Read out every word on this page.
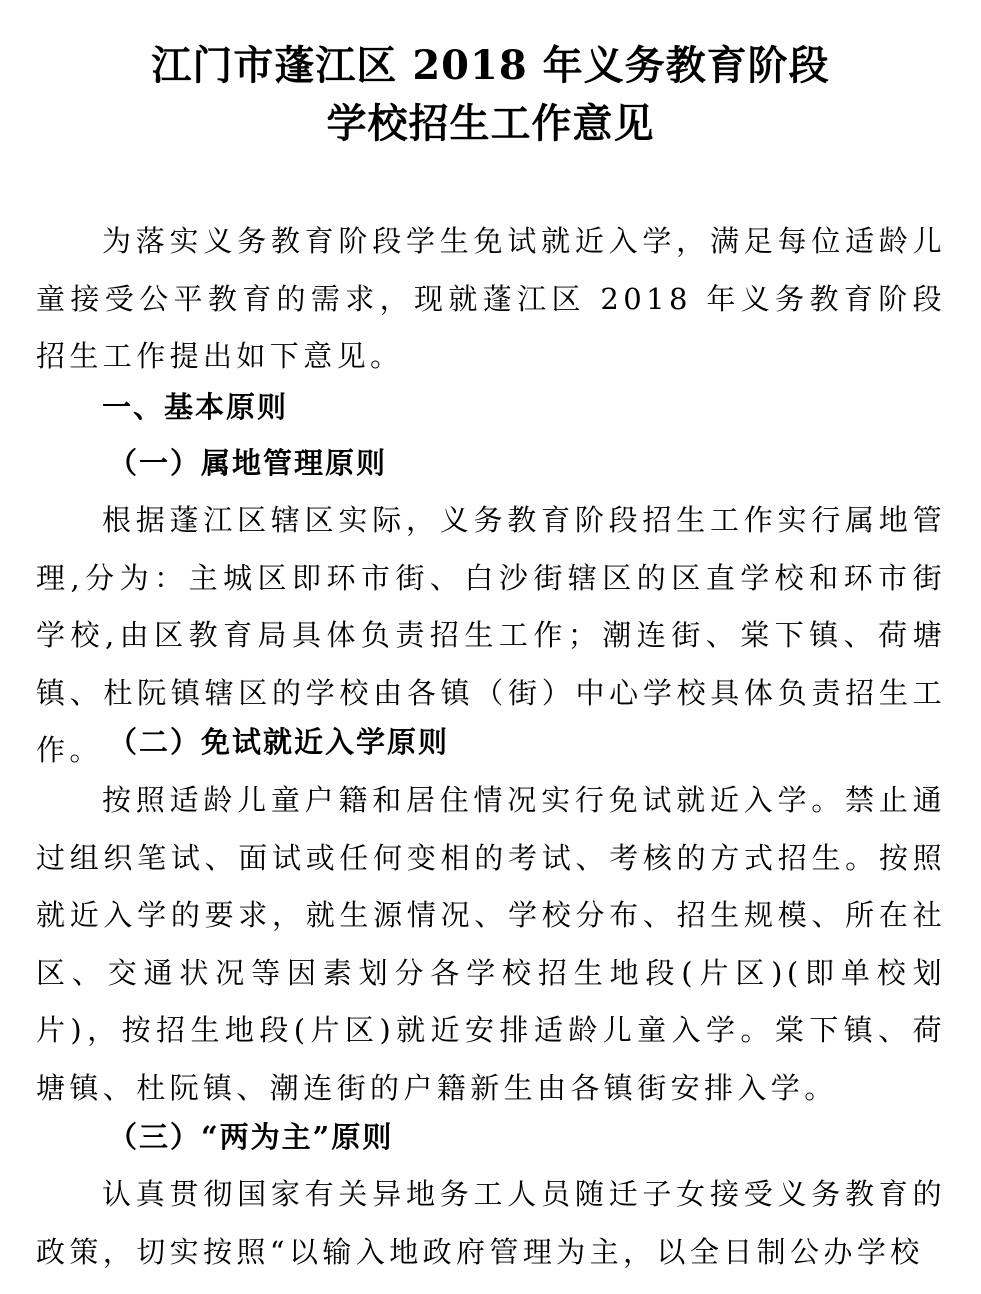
江门市蓬江区 2018 年义务教育阶段
学校招生工作意见
为落实义务教育阶段学生免试就近入学，满足每位适龄儿童接受公平教育的需求，现就蓬江区 2018 年义务教育阶段招生工作提出如下意见。
一、基本原则
（一）属地管理原则
根据蓬江区辖区实际，义务教育阶段招生工作实行属地管理,分为：主城区即环市街、白沙街辖区的区直学校和环市街学校,由区教育局具体负责招生工作；潮连街、棠下镇、荷塘镇、杜阮镇辖区的学校由各镇（街）中心学校具体负责招生工作。 （二）免试就近入学原则
按照适龄儿童户籍和居住情况实行免试就近入学。禁止通过组织笔试、面试或任何变相的考试、考核的方式招生。按照就近入学的要求，就生源情况、学校分布、招生规模、所在社区、交通状况等因素划分各学校招生地段(片区)(即单校划片)，按招生地段(片区)就近安排适龄儿童入学。棠下镇、荷塘镇、杜阮镇、潮连街的户籍新生由各镇街安排入学。
（三）“两为主”原则
认真贯彻国家有关异地务工人员随迁子女接受义务教育的政策，切实按照“以输入地政府管理为主，以全日制公办学校
